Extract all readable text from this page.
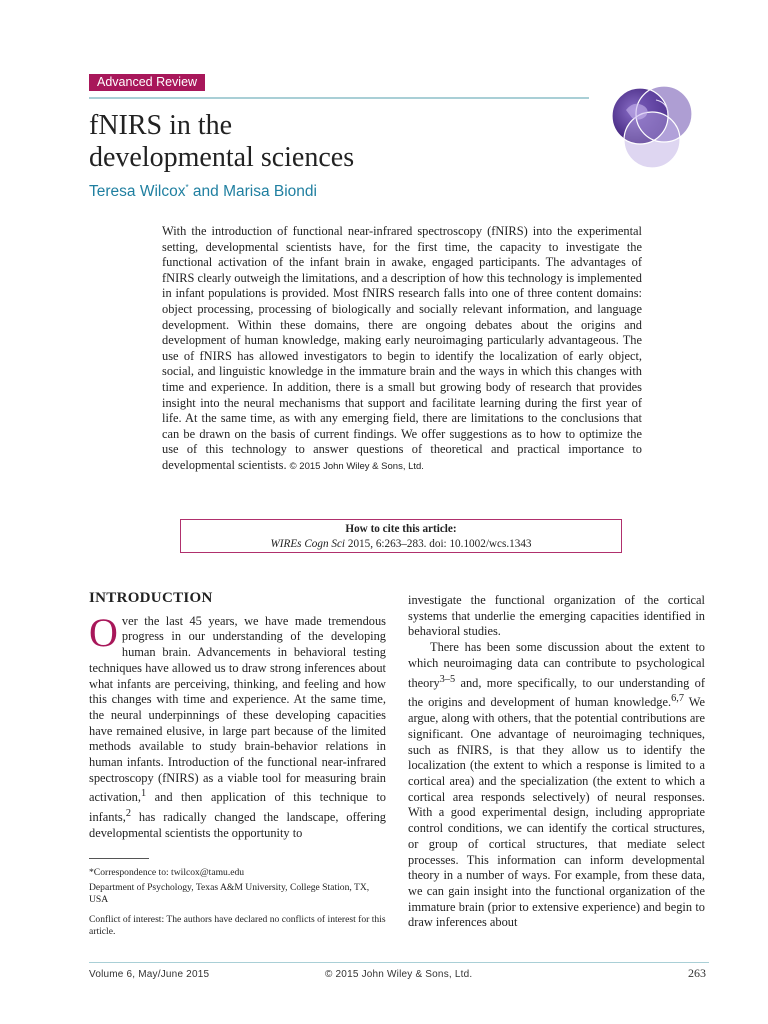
Advanced Review
fNIRS in the
developmental sciences
Teresa Wilcox* and Marisa Biondi

With the introduction of functional near-infrared spectroscopy (fNIRS) into the experimental setting, developmental scientists have, for the first time, the capacity to investigate the functional activation of the infant brain in awake, engaged participants. The advantages of fNIRS clearly outweigh the limitations, and a description of how this technology is implemented in infant populations is provided. Most fNIRS research falls into one of three content domains: object processing, processing of biologically and socially relevant information, and language development. Within these domains, there are ongoing debates about the origins and development of human knowledge, making early neuroimaging particularly advantageous. The use of fNIRS has allowed investigators to begin to identify the localization of early object, social, and linguistic knowledge in the immature brain and the ways in which this changes with time and experience. In addition, there is a small but growing body of research that provides insight into the neural mechanisms that support and facilitate learning during the first year of life. At the same time, as with any emerging field, there are limitations to the conclusions that can be drawn on the basis of current findings. We offer suggestions as to how to optimize the use of this technology to answer questions of theoretical and practical importance to developmental scientists. © 2015 John Wiley & Sons, Ltd.

How to cite this article:
WIREs Cogn Sci 2015, 6:263–283. doi: 10.1002/wcs.1343
INTRODUCTION

Over the last 45 years, we have made tremendous progress in our understanding of the developing human brain. Advancements in behavioral testing techniques have allowed us to draw strong inferences about what infants are perceiving, thinking, and feeling and how this changes with time and experience. At the same time, the neural underpinnings of these developing capacities have remained elusive, in large part because of the limited methods available to study brain-behavior relations in human infants. Introduction of the functional near-infrared spectroscopy (fNIRS) as a viable tool for measuring brain activation,$^1$ and then application of this technique to infants,$^2$ has radically changed the landscape, offering developmental scientists the opportunity to

investigate the functional organization of the cortical systems that underlie the emerging capacities identified in behavioral studies.

There has been some discussion about the extent to which neuroimaging data can contribute to psychological theory$^{3-5}$ and, more specifically, to our understanding of the origins and development of human knowledge.$^{6,7}$ We argue, along with others, that the potential contributions are significant. One advantage of neuroimaging techniques, such as fNIRS, is that they allow us to identify the localization (the extent to which a response is limited to a cortical area) and the specialization (the extent to which a cortical area responds selectively) of neural responses. With a good experimental design, including appropriate control conditions, we can identify the cortical structures, or group of cortical structures, that mediate select processes. This information can inform developmental theory in a number of ways. For example, from these data, we can gain insight into the functional organization of the immature brain (prior to extensive experience) and begin to draw inferences about

*Correspondence to: twilcox@tamu.edu
Department of Psychology, Texas A&M University, College Station, TX, USA
Conflict of interest: The authors have declared no conflicts of interest for this article.
Volume 6, May/June 2015	© 2015 John Wiley & Sons, Ltd.	263
